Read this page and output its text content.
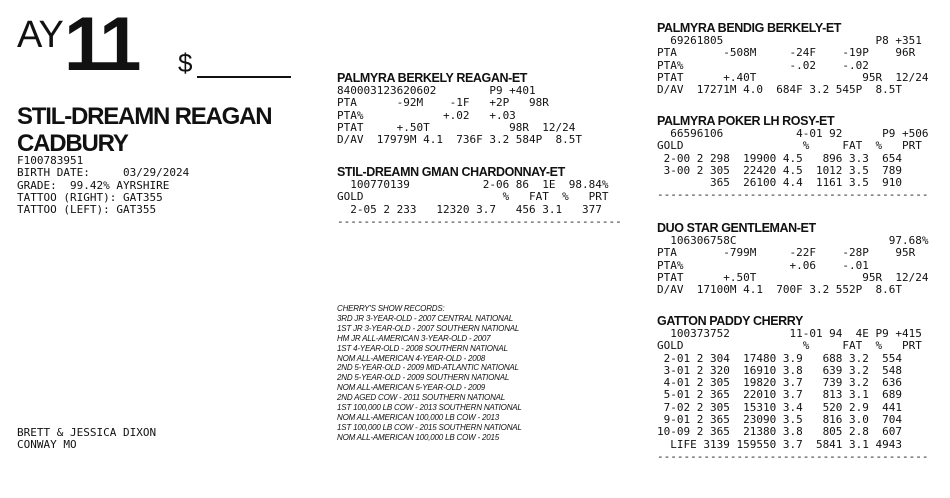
AY 11 $
STIL-DREAMN REAGAN
CADBURY
F100783951
BIRTH DATE:     03/29/2024
GRADE:  99.42% AYRSHIRE
TATTOO (RIGHT): GAT355
TATTOO (LEFT): GAT355
BRETT & JESSICA DIXON
CONWAY MO
PALMYRA BERKELY REAGAN-ET
840003123620602        P9 +401
PTA      -92M    -1F   +2P   98R
PTA%            +.02   +.03
PTAT     +.50T            98R  12/24
D/AV  17979M 4.1  736F 3.2 584P  8.5T
STIL-DREAMN GMAN CHARDONNAY-ET
100770139           2-06 86  1E  98.84%
GOLD                     %   FAT  %   PRT
2-05 2 233   12320 3.7   456 3.1   377
-------------------------------------------
CHERRY'S SHOW RECORDS:
3RD JR 3-YEAR-OLD - 2007 CENTRAL NATIONAL
1ST JR 3-YEAR-OLD - 2007 SOUTHERN NATIONAL
HM JR ALL-AMERICAN 3-YEAR-OLD - 2007
1ST 4-YEAR-OLD - 2008 SOUTHERN NATIONAL
NOM ALL-AMERICAN 4-YEAR-OLD - 2008
2ND 5-YEAR-OLD - 2009 MID-ATLANTIC NATIONAL
2ND 5-YEAR-OLD - 2009 SOUTHERN NATIONAL
NOM ALL-AMERICAN 5-YEAR-OLD - 2009
2ND AGED COW - 2011 SOUTHERN NATIONAL
1ST 100,000 LB COW - 2013 SOUTHERN NATIONAL
NOM ALL-AMERICAN 100,000 LB COW - 2013
1ST 100,000 LB COW - 2015 SOUTHERN NATIONAL
NOM ALL-AMERICAN 100,000 LB COW - 2015
PALMYRA BENDIG BERKELY-ET
69261805                       P8 +351
PTA       -508M     -24F    -19P    96R
PTA%                -.02    -.02
PTAT      +.40T                95R  12/24
D/AV  17271M 4.0  684F 3.2 545P  8.5T
PALMYRA POKER LH ROSY-ET
66596106           4-01 92      P9 +506
GOLD                  %     FAT  %   PRT
2-00 2 298  19900 4.5   896 3.3  654
3-00 2 305  22420 4.5  1012 3.5  789
365  26100 4.4  1161 3.5  910
-----------------------------------------
DUO STAR GENTLEMAN-ET
106306758C                       97.68%
PTA       -799M     -22F    -28P    95R
PTA%                +.06    -.01
PTAT      +.50T                95R  12/24
D/AV  17100M 4.1  700F 3.2 552P  8.6T
GATTON PADDY CHERRY
100373752         11-01 94  4E P9 +415
GOLD                  %     FAT  %   PRT
2-01 2 304  17480 3.9   688 3.2  554
3-01 2 320  16910 3.8   639 3.2  548
4-01 2 305  19820 3.7   739 3.2  636
5-01 2 365  22010 3.7   813 3.1  689
7-02 2 305  15310 3.4   520 2.9  441
9-01 2 365  23090 3.5   816 3.0  704
10-09 2 365  21380 3.8   805 2.8  607
LIFE 3139 159550 3.7  5841 3.1 4943
-----------------------------------------
